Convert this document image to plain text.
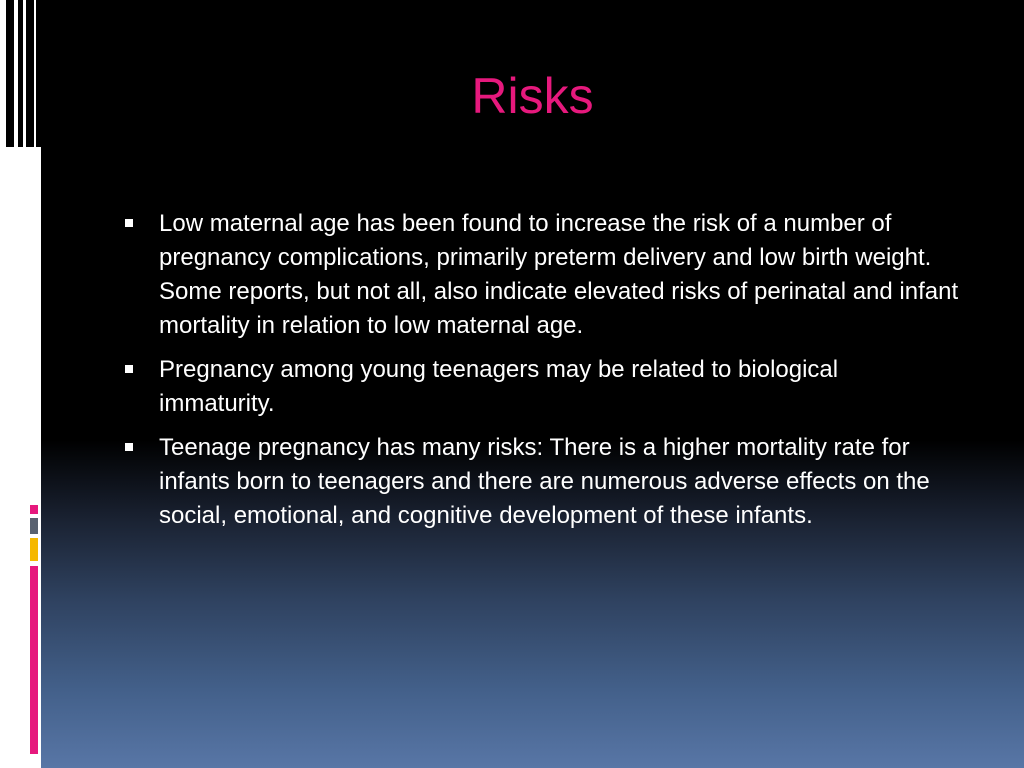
Risks
Low maternal age has been found to increase the risk of a number of pregnancy complications, primarily preterm delivery and low birth weight. Some reports, but not all, also indicate elevated risks of perinatal and infant mortality in relation to low maternal age.
Pregnancy among young teenagers may be related to biological immaturity.
Teenage pregnancy has many risks: There is a higher mortality rate for infants born to teenagers and there are numerous adverse effects on the social, emotional, and cognitive development of these infants.
